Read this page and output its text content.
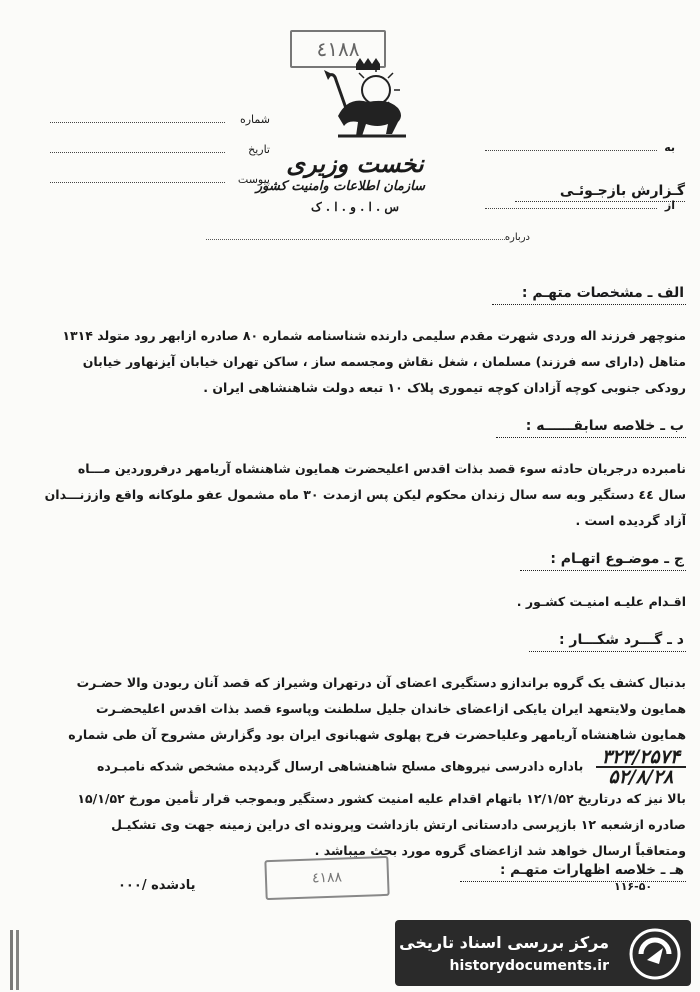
٤١٨٨
نخست وزیری
سازمان اطلاعات وامنیت کشور
س . ا . و . ا . ک
شماره
تاریخ
پیوست
به
از
گـزارش بازجـوئـی
درباره
الف ـ مشخصات متهـم :
منوچهر فرزند اله وردی شهرت مقدم سلیمی دارنده شناسنامه شماره ۸۰ صادره ازابهر رود متولد ۱۳۱۴
متاهل (دارای سه فرزند) مسلمان ، شغل نقاش ومجسمه ساز ، ساکن تهران خیابان آیزنهاور خیابان
رودکی جنوبی کوچه آزادان کوچه تیموری پلاک ۱۰ تبعه دولت شاهنشاهی ایران .
ب ـ خلاصه سابقــــــه :
نامبرده درجریان حادثه سوء قصد بذات اقدس اعلیحضرت همایون شاهنشاه آریامهر درفروردین مـــاه
سال ٤٤ دستگیر وبه سه سال زندان محکوم لیکن پس ازمدت ۳۰ ماه مشمول عفو ملوکانه واقع واززنـــدان
آزاد گردیده است .
ج ـ موضـوع اتهـام :
اقـدام علیـه امنیـت کشـور .
د ـ گـــرد شکـــار :
بدنبال کشف یک گروه براندازو دستگیری اعضای آن درتهران وشیراز که قصد آنان ربودن والا حضـرت
همایون ولایتعهد ایران یایکی ازاعضای خاندان جلیل سلطنت وپاسوء قصد بذات اقدس اعلیحضـرت
همایون شاهنشاه آریامهر وعلیاحضرت فرح پهلوی شهبانوی ایران بود وگزارش مشروح آن طی شماره
$\frac{۳۲۳/۲۵۷۴}{۵۲/۸/۲۸}$
باداره دادرسی نیروهای مسلح شاهنشاهی ارسال گردیده مشخص شدکه نامبـرده
بالا نیز که درتاریخ ۱۲/۱/۵۲ باتهام اقدام علیه امنیت کشور دستگیر وبموجب قرار تأمین مورخ ۱۵/۱/۵۲
صادره ازشعبه ۱۲ بازپرسی دادستانی ارتش بازداشت وپرونده ای دراین زمینه جهت وی تشکیـل
ومتعاقباً ارسال خواهد شد ازاعضای گروه مورد بحث میباشد .
هـ ـ خلاصه اظهارات متهـم :
٤١٨٨
یادشده /۰۰۰	۱۱۶-۵۰
مرکز بررسی اسناد تاریخی
historydocuments.ir
